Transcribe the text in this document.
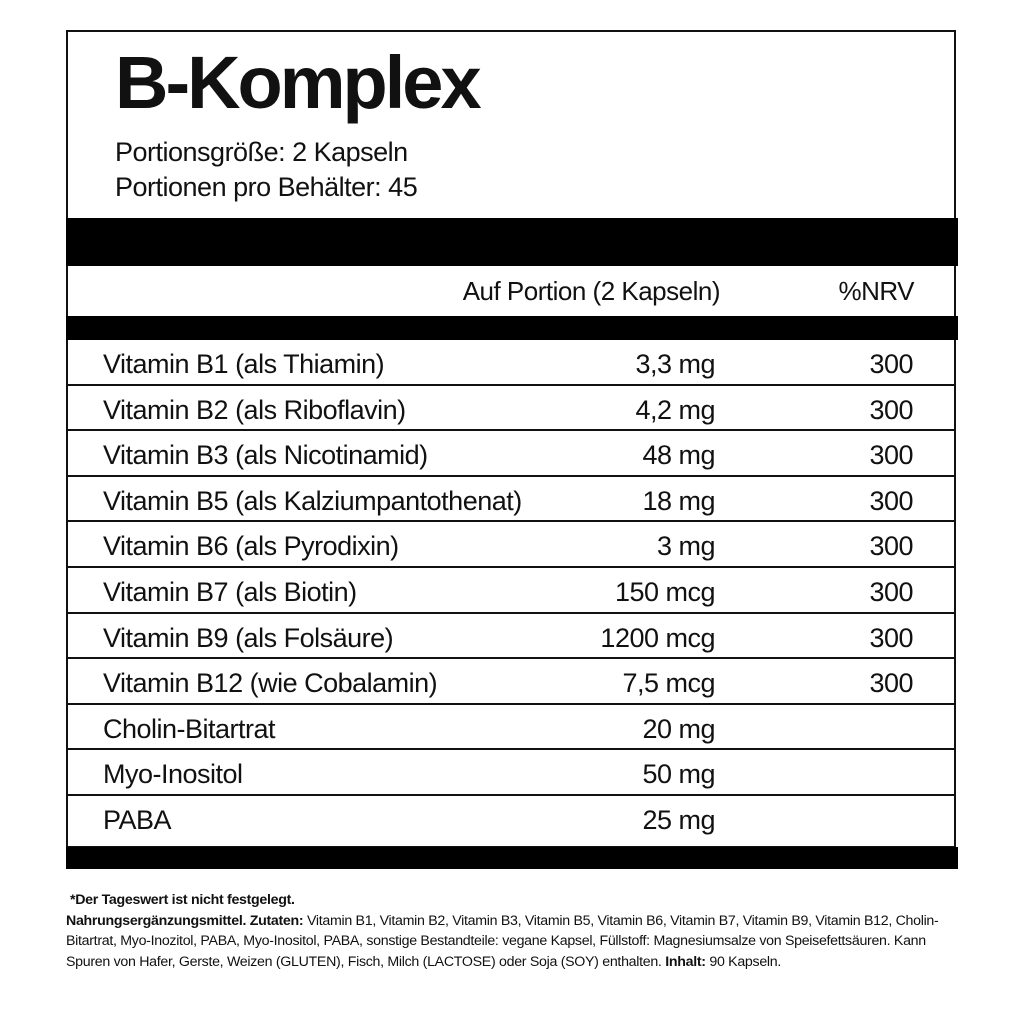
B-Komplex
Portionsgröße: 2 Kapseln
Portionen pro Behälter: 45
Auf Portion (2 Kapseln)	%NRV
Vitamin B1 (als Thiamin)	3,3 mg	300
Vitamin B2 (als Riboflavin)	4,2 mg	300
Vitamin B3 (als Nicotinamid)	48 mg	300
Vitamin B5 (als Kalziumpantothenat)	18 mg	300
Vitamin B6 (als Pyrodixin)	3 mg	300
Vitamin B7 (als Biotin)	150 mcg	300
Vitamin B9 (als Folsäure)	1200 mcg	300
Vitamin B12 (wie Cobalamin)	7,5 mcg	300
Cholin-Bitartrat	20 mg
Myo-Inositol	50 mg
PABA	25 mg
*Der Tageswert ist nicht festgelegt.
Nahrungsergänzungsmittel. Zutaten: Vitamin B1, Vitamin B2, Vitamin B3, Vitamin B5, Vitamin B6, Vitamin B7, Vitamin B9, Vitamin B12, Cholin-Bitartrat, Myo-Inozitol, PABA, Myo-Inositol, PABA, sonstige Bestandteile: vegane Kapsel, Füllstoff: Magnesiumsalze von Speisefettsäuren. Kann Spuren von Hafer, Gerste, Weizen (GLUTEN), Fisch, Milch (LACTOSE) oder Soja (SOY) enthalten. Inhalt: 90 Kapseln.
